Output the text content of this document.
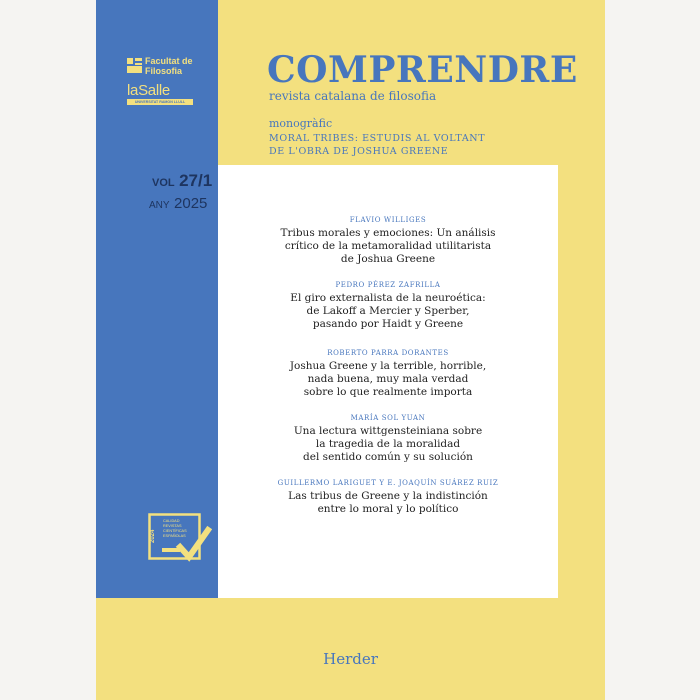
Facultat de
Filosofia
laSalle
UNIVERSITAT RAMON LLULL
VOL 27/1
ANY 2025
2024
CALIDAD
REVISTAS
CIENTÍFICAS
ESPAÑOLAS
COMPRENDRE
revista catalana de filosofia
monogràfic
MORAL TRIBES: ESTUDIS AL VOLTANT
DE L'OBRA DE JOSHUA GREENE
FLAVIO WILLIGES
Tribus morales y emociones: Un análisis
crítico de la metamoralidad utilitarista
de Joshua Greene
PEDRO PÉREZ ZAFRILLA
El giro externalista de la neuroética:
de Lakoff a Mercier y Sperber,
pasando por Haidt y Greene
ROBERTO PARRA DORANTES
Joshua Greene y la terrible, horrible,
nada buena, muy mala verdad
sobre lo que realmente importa
MARÍA SOL YUAN
Una lectura wittgensteiniana sobre
la tragedia de la moralidad
del sentido común y su solución
GUILLERMO LARIGUET Y E. JOAQUÍN SUÁREZ RUIZ
Las tribus de Greene y la indistinción
entre lo moral y lo político
Herder
